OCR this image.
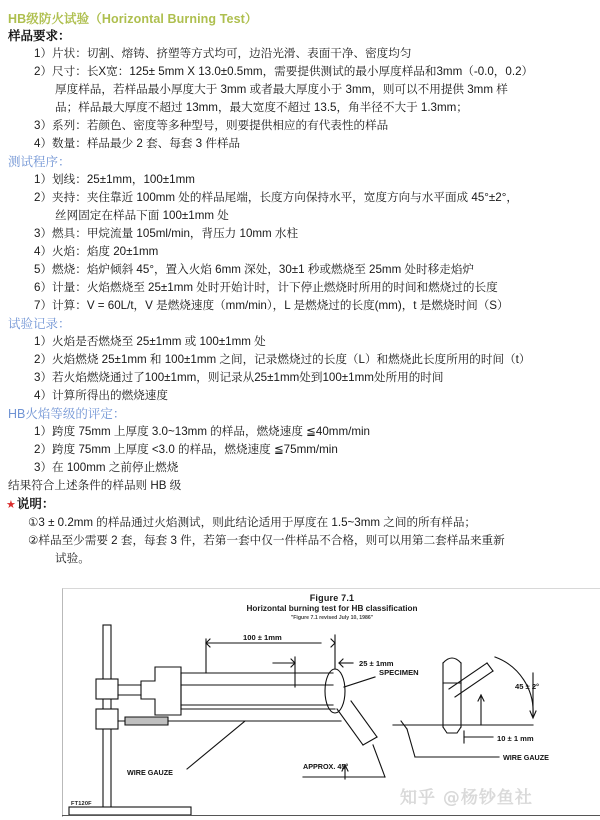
HB级防火试验（Horizontal Burning Test）
样品要求：
1）片状：切割、熔铸、挤塑等方式均可，边沿光滑、表面干净、密度均匀
2）尺寸：长X宽：125± 5mm X 13.0±0.5mm，需要提供测试的最小厚度样品和3mm（-0.0，0.2）
厚度样品，若样品最小厚度大于 3mm 或者最大厚度小于 3mm，则可以不用提供 3mm 样
品；样品最大厚度不超过 13mm，最大宽度不超过 13.5，角半径不大于 1.3mm；
3）系列：若颜色、密度等多种型号，则要提供相应的有代表性的样品
4）数量：样品最少 2 套、每套 3 件样品
测试程序：
1）划线：25±1mm，100±1mm
2）夹持：夹住靠近 100mm 处的样品尾端，长度方向保持水平，宽度方向与水平面成 45°±2°，
丝网固定在样品下面 100±1mm 处
3）燃具：甲烷流量 105ml/min，背压力 10mm 水柱
4）火焰：焰度 20±1mm
5）燃烧：焰炉倾斜 45°，置入火焰 6mm 深处，30±1 秒或燃烧至 25mm 处时移走焰炉
6）计量：火焰燃烧至 25±1mm 处时开始计时，计下停止燃烧时所用的时间和燃烧过的长度
7）计算：V = 60L/t，V 是燃烧速度（mm/min），L 是燃烧过的长度(mm)，t 是燃烧时间（S）
试验记录：
1）火焰是否燃烧至 25±1mm 或 100±1mm 处
2）火焰燃烧 25±1mm 和 100±1mm 之间，记录燃烧过的长度（L）和燃烧此长度所用的时间（t）
3）若火焰燃烧通过了100±1mm，则记录从25±1mm处到100±1mm处所用的时间
4）计算所得出的燃烧速度
HB火焰等级的评定：
1）跨度 75mm 上厚度 3.0~13mm 的样品，燃烧速度 ≦40mm/min
2）跨度 75mm 上厚度 <3.0 的样品，燃烧速度 ≦75mm/min
3）在 100mm 之前停止燃烧
结果符合上述条件的样品则 HB 级
★说明：
①3 ± 0.2mm 的样品通过火焰测试，则此结论适用于厚度在 1.5~3mm 之间的所有样品；
②样品至少需要 2 套，每套 3 件，若第一套中仅一件样品不合格，则可以用第二套样品来重新
试验。
Figure 7.1
Horizontal burning test for HB classification
"Figure 7.1 revised July 10, 1986"
100 ± 1mm
25 ± 1mm
SPECIMEN
APPROX. 45°
WIRE GAUZE
WIRE GAUZE
45 ± 2°
10 ± 1 mm
FT120F	知乎 @杨钞鱼社
